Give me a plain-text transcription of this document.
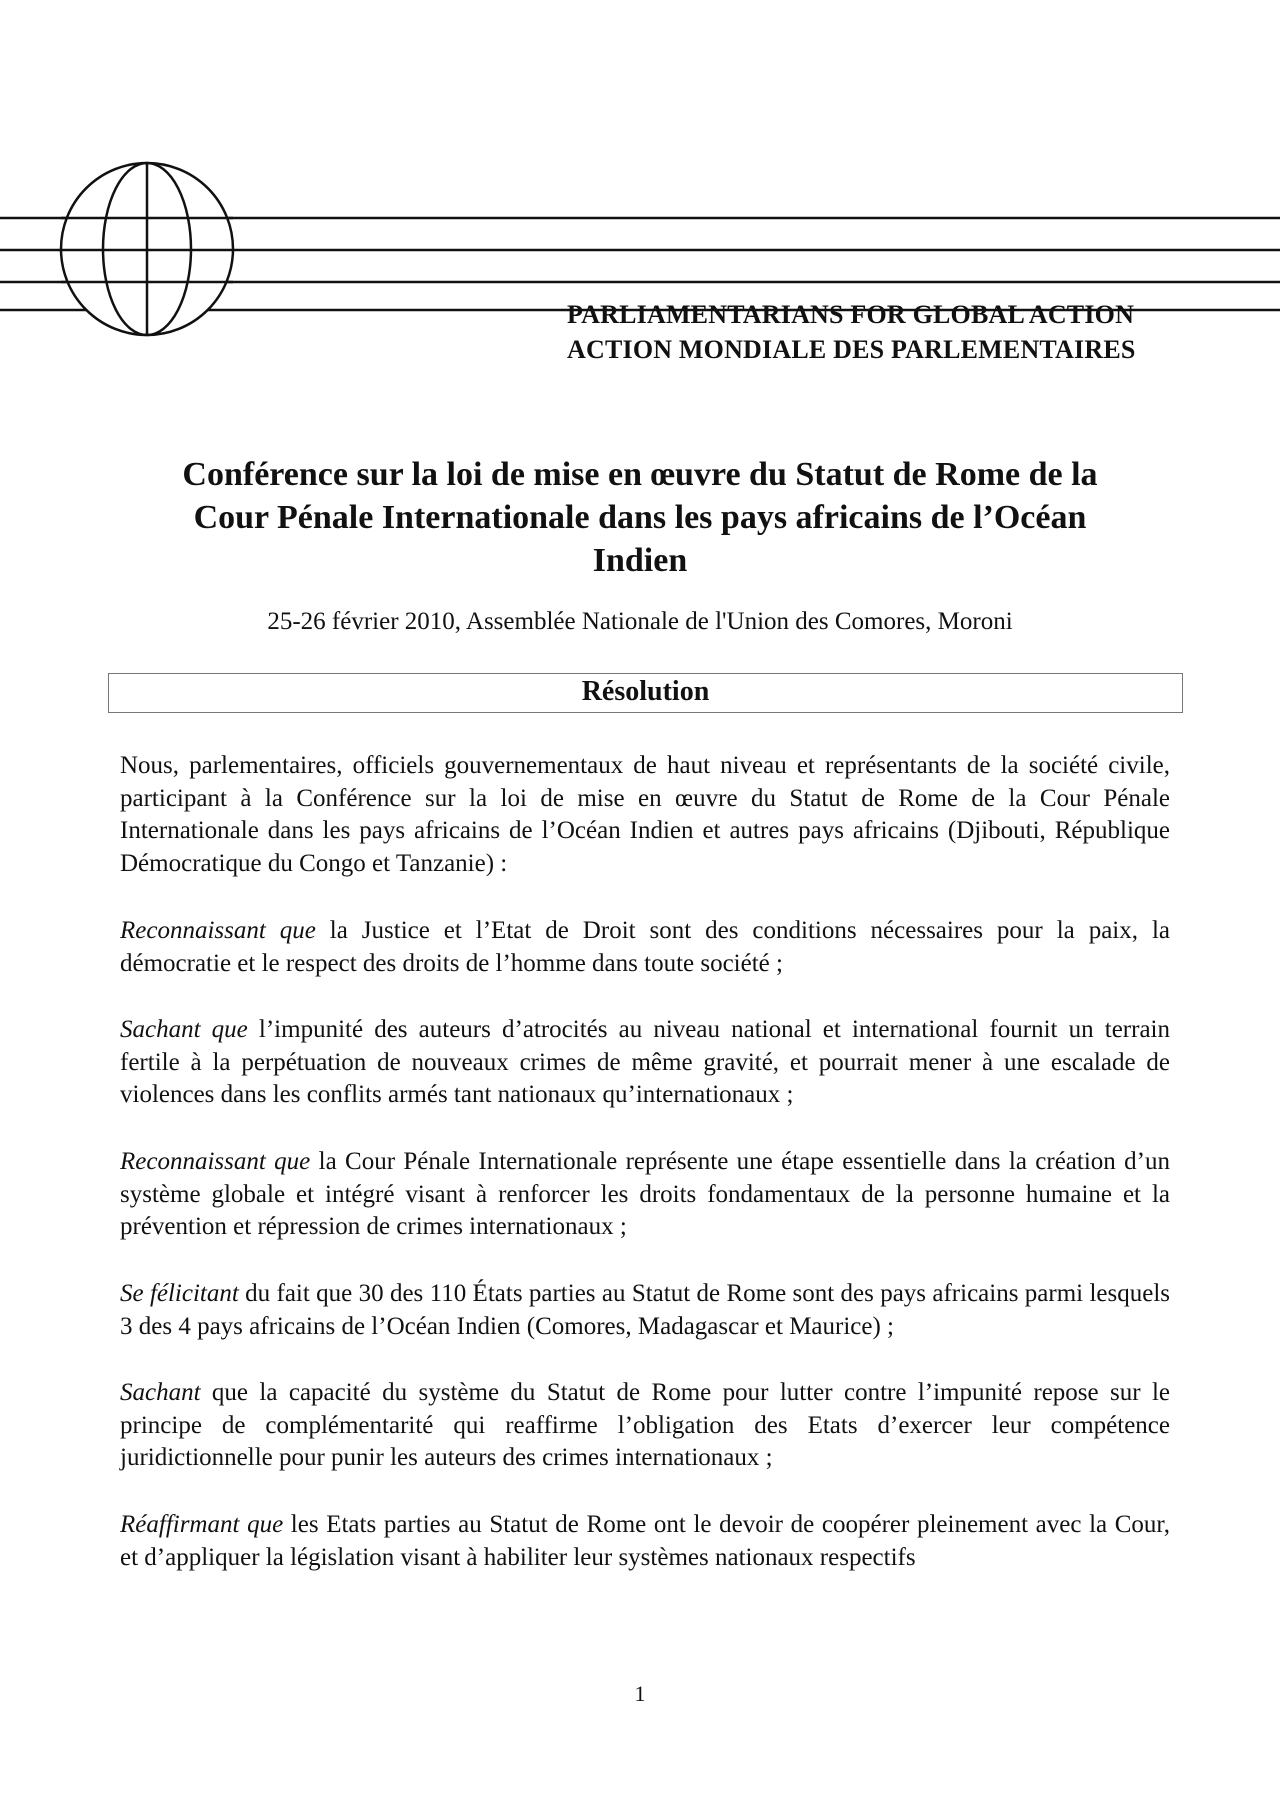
PARLIAMENTARIANS FOR GLOBAL ACTION
ACTION MONDIALE DES PARLEMENTAIRES
Conférence sur la loi de mise en œuvre du Statut de Rome de la
Cour Pénale Internationale dans les pays africains de l’Océan
Indien
25-26 février 2010, Assemblée Nationale de l'Union des Comores, Moroni
Résolution

Nous, parlementaires, officiels gouvernementaux de haut niveau et représentants de la société civile, participant à la Conférence sur la loi de mise en œuvre du Statut de Rome de la Cour Pénale Internationale dans les pays africains de l’Océan Indien et autres pays africains (Djibouti, République Démocratique du Congo et Tanzanie) :

Reconnaissant que la Justice et l’Etat de Droit sont des conditions nécessaires pour la paix, la démocratie et le respect des droits de l’homme dans toute société ;

Sachant que l’impunité des auteurs d’atrocités au niveau national et international fournit un terrain fertile à la perpétuation de nouveaux crimes de même gravité, et pourrait mener à une escalade de violences dans les conflits armés tant nationaux qu’internationaux ;

Reconnaissant que la Cour Pénale Internationale représente une étape essentielle dans la création d’un système globale et intégré visant à renforcer les droits fondamentaux de la personne humaine et la prévention et répression de crimes internationaux ;

Se félicitant du fait que 30 des 110 États parties au Statut de Rome sont des pays africains parmi lesquels 3 des 4 pays africains de l’Océan Indien (Comores, Madagascar et Maurice) ;

Sachant que la capacité du système du Statut de Rome pour lutter contre l’impunité repose sur le principe de complémentarité qui reaffirme l’obligation des Etats d’exercer leur compétence juridictionnelle pour punir les auteurs des crimes internationaux ;

Réaffirmant que les Etats parties au Statut de Rome ont le devoir de coopérer pleinement avec la Cour, et d’appliquer la législation visant à habiliter leur systèmes nationaux respectifs

1
